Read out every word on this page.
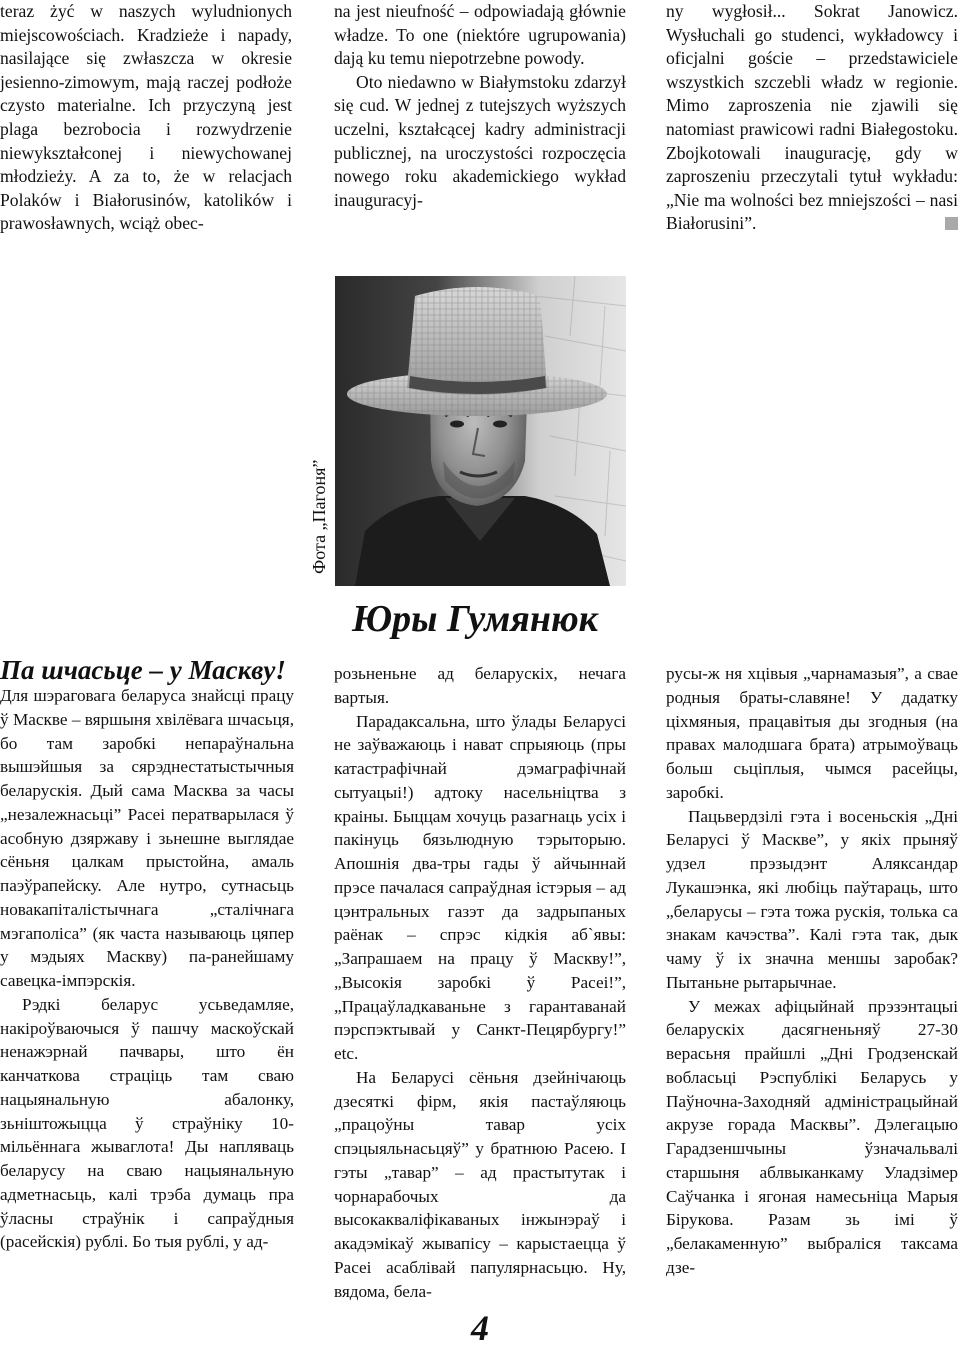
teraz żyć w naszych wyludnionych miejscowościach. Kradzieże i napady, nasilające się zwłaszcza w okresie jesienno-zimowym, mają raczej podłoże czysto materialne. Ich przyczyną jest plaga bezrobocia i rozwydrzenie niewykształconej i niewychowanej młodzieży. A za to, że w relacjach Polaków i Białorusinów, katolików i prawosławnych, wciąż obec-

na jest nieufność – odpowiadają głównie władze. To one (niektóre ugrupowania) dają ku temu niepotrzebne powody.

Oto niedawno w Białymstoku zdarzył się cud. W jednej z tutejszych wyższych uczelni, kształcącej kadry administracji publicznej, na uroczystości rozpoczęcia nowego roku akademickiego wykład inauguracyj-

ny wygłosił... Sokrat Janowicz. Wysłuchali go studenci, wykładowcy i oficjalni goście – przedstawiciele wszystkich szczebli władz w regionie. Mimo zaproszenia nie zjawili się natomiast prawicowi radni Białegostoku. Zbojkotowali inaugurację, gdy w zaproszeniu przeczytali tytuł wykładu: „Nie ma wolności bez mniejszości – nasi Białorusini”.

Фота „Пагоня”
Юры Гумянюк
Па шчасьце – у Маскву!

Для шэраговага беларуса знайсці працу ў Маскве – вяршыня хвілёвага шчасьця, бо там заробкі непараўнальна вышэйшыя за сярэднестатыстычныя беларускія. Дый сама Масква за часы „незалежнасьці” Расеі ператварылася ў асобную дзяржаву і зьнешне выглядае сёньня цалкам прыстойна, амаль паэўрапейску. Але нутро, сутнасьць новакапіталістычнага „сталічнага мэгаполіса” (як часта называюць цяпер у мэдыях Маскву) па-ранейшаму савецка-імпэрскія.

Рэдкі беларус усьведамляе, накіроўваючыся ў пашчу маскоўскай ненажэрнай пачвары, што ён канчаткова страціць там сваю нацыянальную абалонку, зьніштожыцца ў страўніку 10-мільённага жываглота! Ды напляваць беларусу на сваю нацыянальную адметнасьць, калі трэба думаць пра ўласны страўнік і сапраўдныя (расейскія) рублі. Бо тыя рублі, у ад-

розьненьне ад беларускіх, нечага вартыя.

Парадаксальна, што ўлады Беларусі не заўважаюць і нават спрыяюць (пры катастрафічнай дэмаграфічнай сытуацыі!) адтоку насельніцтва з краіны. Быццам хочуць разагнаць усіх і пакінуць бязьлюдную тэрыторыю. Апошнія два-тры гады ў айчыннай прэсе пачалася сапраўдная істэрыя – ад цэнтральных газэт да задрыпаных раёнак – спрэс кідкія аб`явы: „Запрашаем на працу ў Маскву!”, „Высокія заробкі ў Расеі!”, „Працаўладкаваньне з гарантаванай пэрспэктывай у Санкт-Пецярбургу!” etc.

На Беларусі сёньня дзейнічаюць дзесяткі фірм, якія пастаўляюць „працоўны тавар усіх спэцыяльнасьцяў” у братнюю Расею. І гэты „тавар” – ад прастытутак і чорнарабочых да высокакваліфікаваных інжынэраў і акадэмікаў жывапісу – карыстаецца ў Расеі асаблівай папулярнасьцю. Ну, вядома, бела-

русы-ж ня хцівыя „чарнамазыя”, а свае родныя браты-славяне! У дадатку ціхмяныя, працавітыя ды згодныя (на правах малодшага брата) атрымоўваць больш сьціплыя, чымся расейцы, заробкі.

Пацьвердзілі гэта і восеньскія „Дні Беларусі ў Маскве”, у якіх прыняў удзел прэзыдэнт Аляксандар Лукашэнка, які любіць паўтараць, што „беларусы – гэта тожа рускія, толька са знакам качэства”. Калі гэта так, дык чаму ў іх значна меншы заробак? Пытаньне рытарычнае.

У межах афіцыйнай прэзэнтацыі беларускіх дасягненьняў 27-30 верасьня прайшлі „Дні Гродзенскай вобласьці Рэспублікі Беларусь у Паўночна-Заходняй адміністрацыйнай акрузе горада Масквы”. Дэлегацыю Гарадзеншчыны ўзначальвалі старшыня аблвыканкаму Уладзімер Саўчанка і ягоная намесьніца Марыя Бірукова. Разам зь імі ў „белакаменную” выбраліся таксама дзе-

4
